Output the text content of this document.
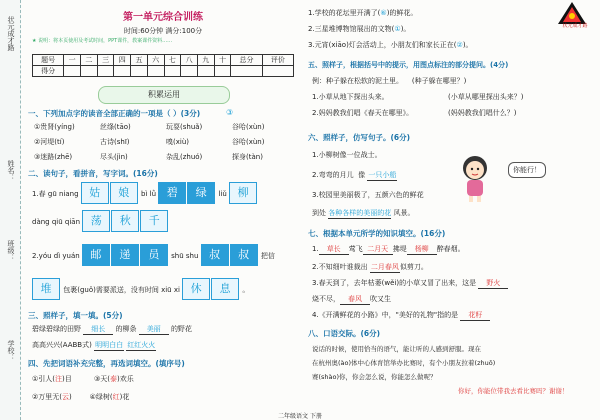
状元成才路
姓名：
班级：
学校：
第一单元综合训练
时间:60分钟 满分:100分
★ 说明：将本页使用及考试时间，PPT课件，教案课件资料……
题号	一	二	三	四	五	六	七	八	九	十	总分	评价
得分												
积累运用
一、下列加点字的读音全部正确的一项是（ ）(3分)	③
①贵肾(yíng)	丝绦(tāo)	玩耍(shuǎ)	谷哈(xùn)
②河堤(tí)	古诗(shī)	嗅(xiù)	谷哈(xùn)
③迷路(zhē)	尽头(jìn)	杂乱(zhuó)	探身(tàn)
二、读句子，看拼音，写字词。(16分)
1.春 gū niang 姑 娘 bì lǜ 碧 绿 liǔ 柳
dàng qiū qiān 荡 秋 千
2.yóu dì yuán 邮 递 员 shū shu 叔 叔 把信
堆 包裹(guǒ)需要派送，没有时间 xiū xi 休 息 。
三、照样子，填一填。(5分)
碧绿碧绿的田野 细长 的柳条 美丽 的野花
高高兴兴(AABB式) 明明白白 红红火火
四、先把词语补充完整，再选词填空。(填序号)
①引人(注)目	③天(泰)欢乐
②万里无(云)	④绿树(红)花
1.学校的花坛里开满了(⑥)的鲜花。
2.三星堆博物馆展出的文物(①)。
3.元宵(xiāo)灯会活动上，小朋友们和家长正在(②)。
五、照样子，根据括号中的提示，用图点标注的部分提问。(4分)
例：种子躲在松软的泥土里。 (种子躲在哪里？)
1.小草从地下探出头来。	(小草从哪里探出头来？)
2.妈妈教我们唱《春天在哪里》。	(妈妈教我们唱什么？)
六、照样子，仿写句子。(6分)
1.小柳树像一位战士。
2.弯弯的月儿 像 一只小船
3.校园里美丽极了，五颜六色的鲜花
到处 各种各样的美丽的花 风景。
七、根据本单元所学的知识填空。(16分)
1. 草长 莺飞 二月天 拂堤 杨柳 醉春烟。
2.不知细叶谁裁出 二月春风似剪刀。
3.春天到了，去年枯萎(wěi)的小草又冒了出来，这是 野火
烧不尽， 春风 吹又生
4.《开满鲜花的小路》中，"美好的礼物"指的是 花籽
八、口语交际。(6分)
说话的时候，使用恰当的语气，能让听的人感到舒服。现在
在杭州奥(ào)体中心体育馆举办比赛时，有个小朋友拉着(zhuō)
赛(shào)你，你会怎么说，你能怎么做呢？
你好，你能位带我去看比赛吗？谢谢！
状元成才路
你能行！
二年级语文 下册
